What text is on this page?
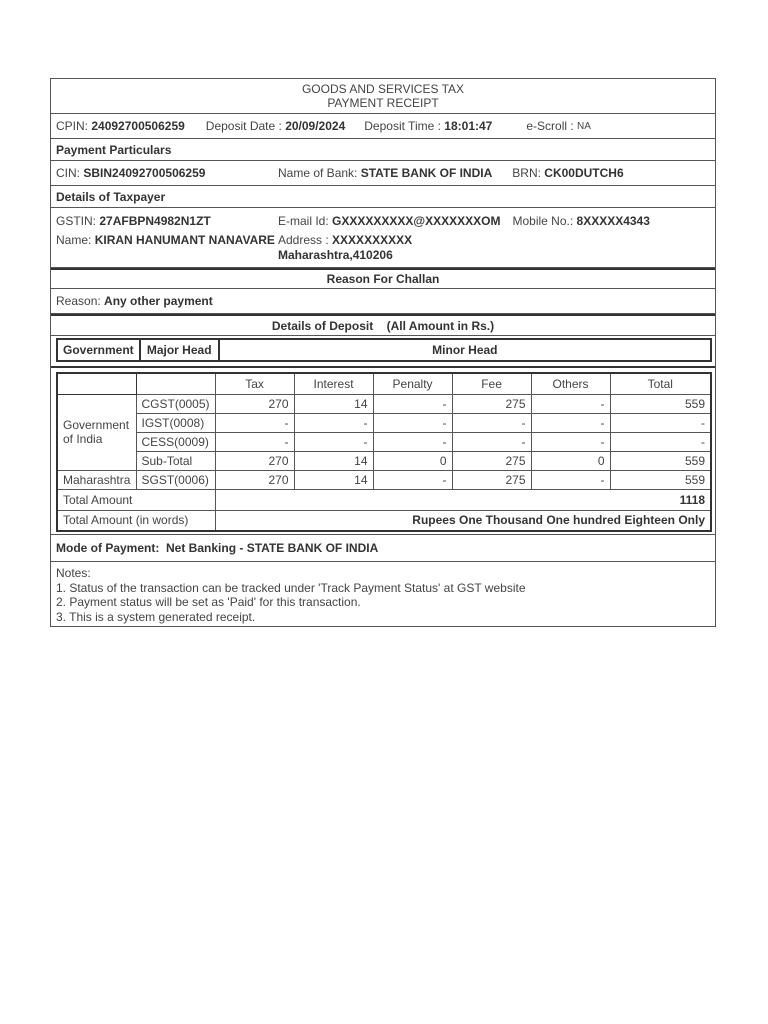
GOODS AND SERVICES TAX
PAYMENT RECEIPT
CPIN:
24092700506259 Deposit Date :
20/09/2024 Deposit Time :
18:01:47	e-Scroll :
NA
Payment Particulars
CIN: SBIN24092700506259	Name of Bank:
STATE BANK OF INDIA BRN:
CK00DUTCH6
Details of Taxpayer
GSTIN: 27AFBPN4982N1ZT
Name: KIRAN HANUMANT NANAVARE
E-mail Id: GXXXXXXXXX@XXXXXXXOM Mobile No.: 8XXXXX4343
Address : XXXXXXXXXX
Maharashtra,410206
Reason For Challan
Reason:
Any other payment
Details of Deposit
(All Amount in Rs.)
Government	Major Head	Minor Head
		Tax	Interest	Penalty	Fee	Others	Total
Government of India	CGST(0005)	270	14	-	275	-	559
	IGST(0008)	-	-	-	-	-	-
	CESS(0009)	-	-	-	-	-	-
	Sub-Total	270	14	0	275	0	559
Maharashtra	SGST(0006)	270	14	-	275	-	559
Total Amount		1118					
Total Amount (in words)		Rupees One Thousand One hundred Eighteen Only					
Mode of Payment:
Net Banking - STATE BANK OF INDIA
Notes:
1. Status of the transaction can be tracked under 'Track Payment Status' at GST website
2. Payment status will be set as 'Paid' for this transaction.
3. This is a system generated receipt.
